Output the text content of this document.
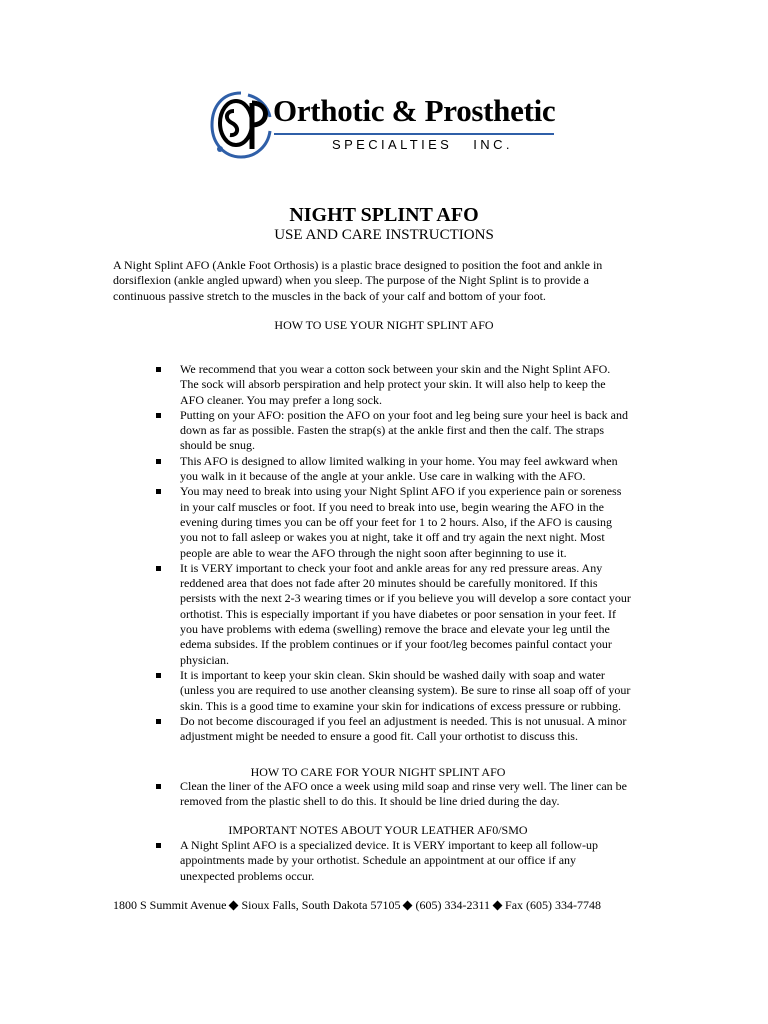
Orthotic & Prosthetic
SPECIALTIES   INC.
NIGHT SPLINT AFO
USE AND CARE INSTRUCTIONS
A Night Splint AFO (Ankle Foot Orthosis) is a plastic brace designed to position the foot and ankle in
dorsiflexion (ankle angled upward) when you sleep. The purpose of the Night Splint is to provide a
continuous passive stretch to the muscles in the back of your calf and bottom of your foot.
HOW TO USE YOUR NIGHT SPLINT AFO
We recommend that you wear a cotton sock between your skin and the Night Splint AFO.
The sock will absorb perspiration and help protect your skin. It will also help to keep the
AFO cleaner. You may prefer a long sock.
Putting on your AFO: position the AFO on your foot and leg being sure your heel is back and
down as far as possible. Fasten the strap(s) at the ankle first and then the calf. The straps
should be snug.
This AFO is designed to allow limited walking in your home. You may feel awkward when
you walk in it because of the angle at your ankle. Use care in walking with the AFO.
You may need to break into using your Night Splint AFO if you experience pain or soreness
in your calf muscles or foot. If you need to break into use, begin wearing the AFO in the
evening during times you can be off your feet for 1 to 2 hours. Also, if the AFO is causing
you not to fall asleep or wakes you at night, take it off and try again the next night. Most
people are able to wear the AFO through the night soon after beginning to use it.
It is VERY important to check your foot and ankle areas for any red pressure areas. Any
reddened area that does not fade after 20 minutes should be carefully monitored. If this
persists with the next 2-3 wearing times or if you believe you will develop a sore contact your
orthotist. This is especially important if you have diabetes or poor sensation in your feet. If
you have problems with edema (swelling) remove the brace and elevate your leg until the
edema subsides. If the problem continues or if your foot/leg becomes painful contact your
physician.
It is important to keep your skin clean. Skin should be washed daily with soap and water
(unless you are required to use another cleansing system). Be sure to rinse all soap off of your
skin. This is a good time to examine your skin for indications of excess pressure or rubbing.
Do not become discouraged if you feel an adjustment is needed. This is not unusual. A minor
adjustment might be needed to ensure a good fit. Call your orthotist to discuss this.
HOW TO CARE FOR YOUR NIGHT SPLINT AFO
Clean the liner of the AFO once a week using mild soap and rinse very well. The liner can be
removed from the plastic shell to do this. It should be line dried during the day.
IMPORTANT NOTES ABOUT YOUR LEATHER AF0/SMO
A Night Splint AFO is a specialized device. It is VERY important to keep all follow-up
appointments made by your orthotist. Schedule an appointment at our office if any
unexpected problems occur.
1800 S Summit Avenue Sioux Falls, South Dakota 57105 (605) 334-2311 Fax (605) 334-7748
